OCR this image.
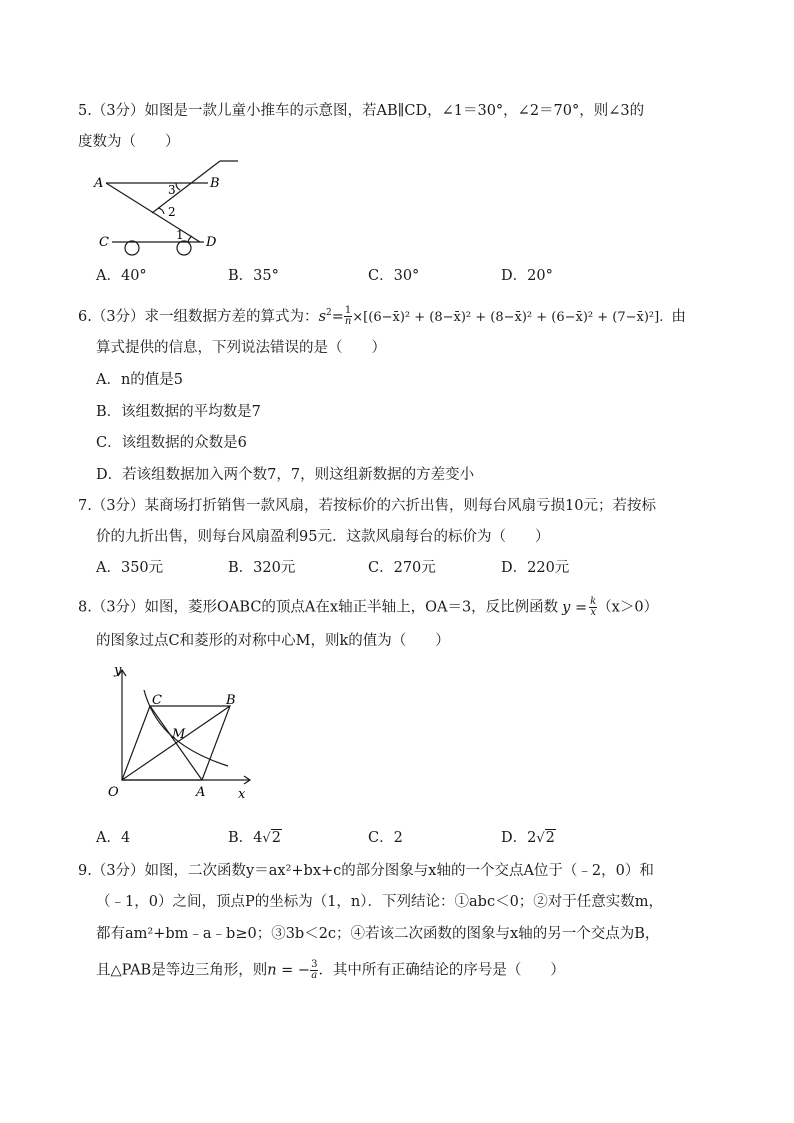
5.（3分）如图是一款儿童小推车的示意图，若AB∥CD，∠1＝30°，∠2＝70°，则∠3的
度数为（　　）
A	B
C	D
3
2
1
A．40°	B．35°	C．30°	D．20°
6.（3分）求一组数据方差的算式为：$s^2= \frac{1}{n}$ ×[(6−x̄)² + (8−x̄)² + (8−x̄)² + (6−x̄)² + (7−x̄)²]. 由
算式提供的信息，下列说法错误的是（　　）
A．n的值是5
B．该组数据的平均数是7
C．该组数据的众数是6
D．若该组数据加入两个数7，7，则这组新数据的方差变小
7.（3分）某商场打折销售一款风扇，若按标价的六折出售，则每台风扇亏损10元；若按标
价的九折出售，则每台风扇盈利95元．这款风扇每台的标价为（　　）
A．350元	B．320元	C．270元	D．220元
8.（3分）如图，菱形OABC的顶点A在x轴正半轴上，OA＝3，反比例函数 $y = \frac{k}{x} (x>0)$
的图象过点C和菱形的对称中心M，则k的值为（　　）
y
x
O	A
B
C
M
A．4	B．4√2	C．2	D．2√2
9.（3分）如图，二次函数y＝ax²+bx+c的部分图象与x轴的一个交点A位于（﹣2，0）和
（﹣1，0）之间，顶点P的坐标为（1，n）．下列结论：①abc＜0；②对于任意实数m，
都有am²+bm﹣a﹣b≥0；③3b＜2c；④若该二次函数的图象与x轴的另一个交点为B，
且△PAB是等边三角形，则n = − $\frac{3}{a}$ ．其中所有正确结论的序号是（　　）
